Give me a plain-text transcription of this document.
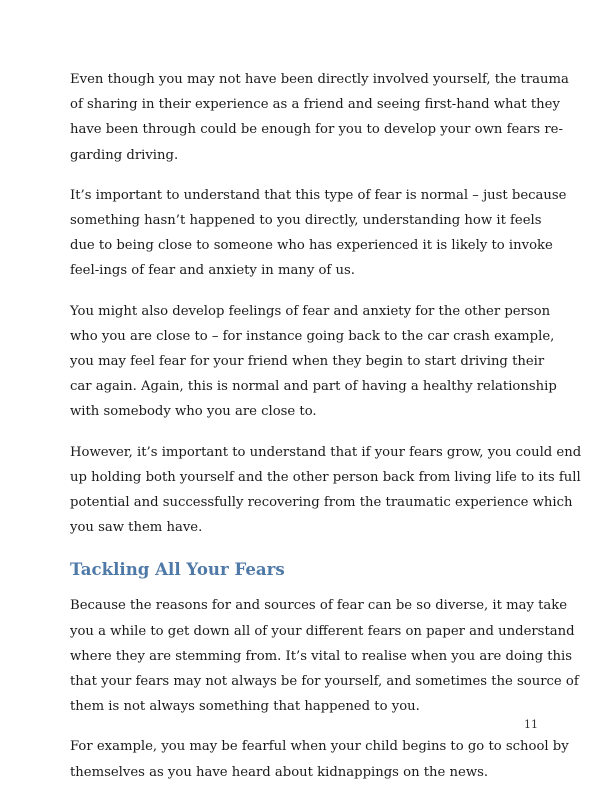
Even though you may not have been directly involved yourself, the trauma
of sharing in their experience as a friend and seeing first-hand what they
have been through could be enough for you to develop your own fears re-
garding driving.

It’s important to understand that this type of fear is normal – just because
something hasn’t happened to you directly, understanding how it feels
due to being close to someone who has experienced it is likely to invoke
feel-ings of fear and anxiety in many of us.

You might also develop feelings of fear and anxiety for the other person
who you are close to – for instance going back to the car crash example,
you may feel fear for your friend when they begin to start driving their
car again. Again, this is normal and part of having a healthy relationship
with somebody who you are close to.

However, it’s important to understand that if your fears grow, you could end
up holding both yourself and the other person back from living life to its full
potential and successfully recovering from the traumatic experience which
you saw them have.

Tackling All Your Fears

Because the reasons for and sources of fear can be so diverse, it may take
you a while to get down all of your different fears on paper and understand
where they are stemming from. It’s vital to realise when you are doing this
that your fears may not always be for yourself, and sometimes the source of
them is not always something that happened to you.

For example, you may be fearful when your child begins to go to school by
themselves as you have heard about kidnappings on the news.

11
